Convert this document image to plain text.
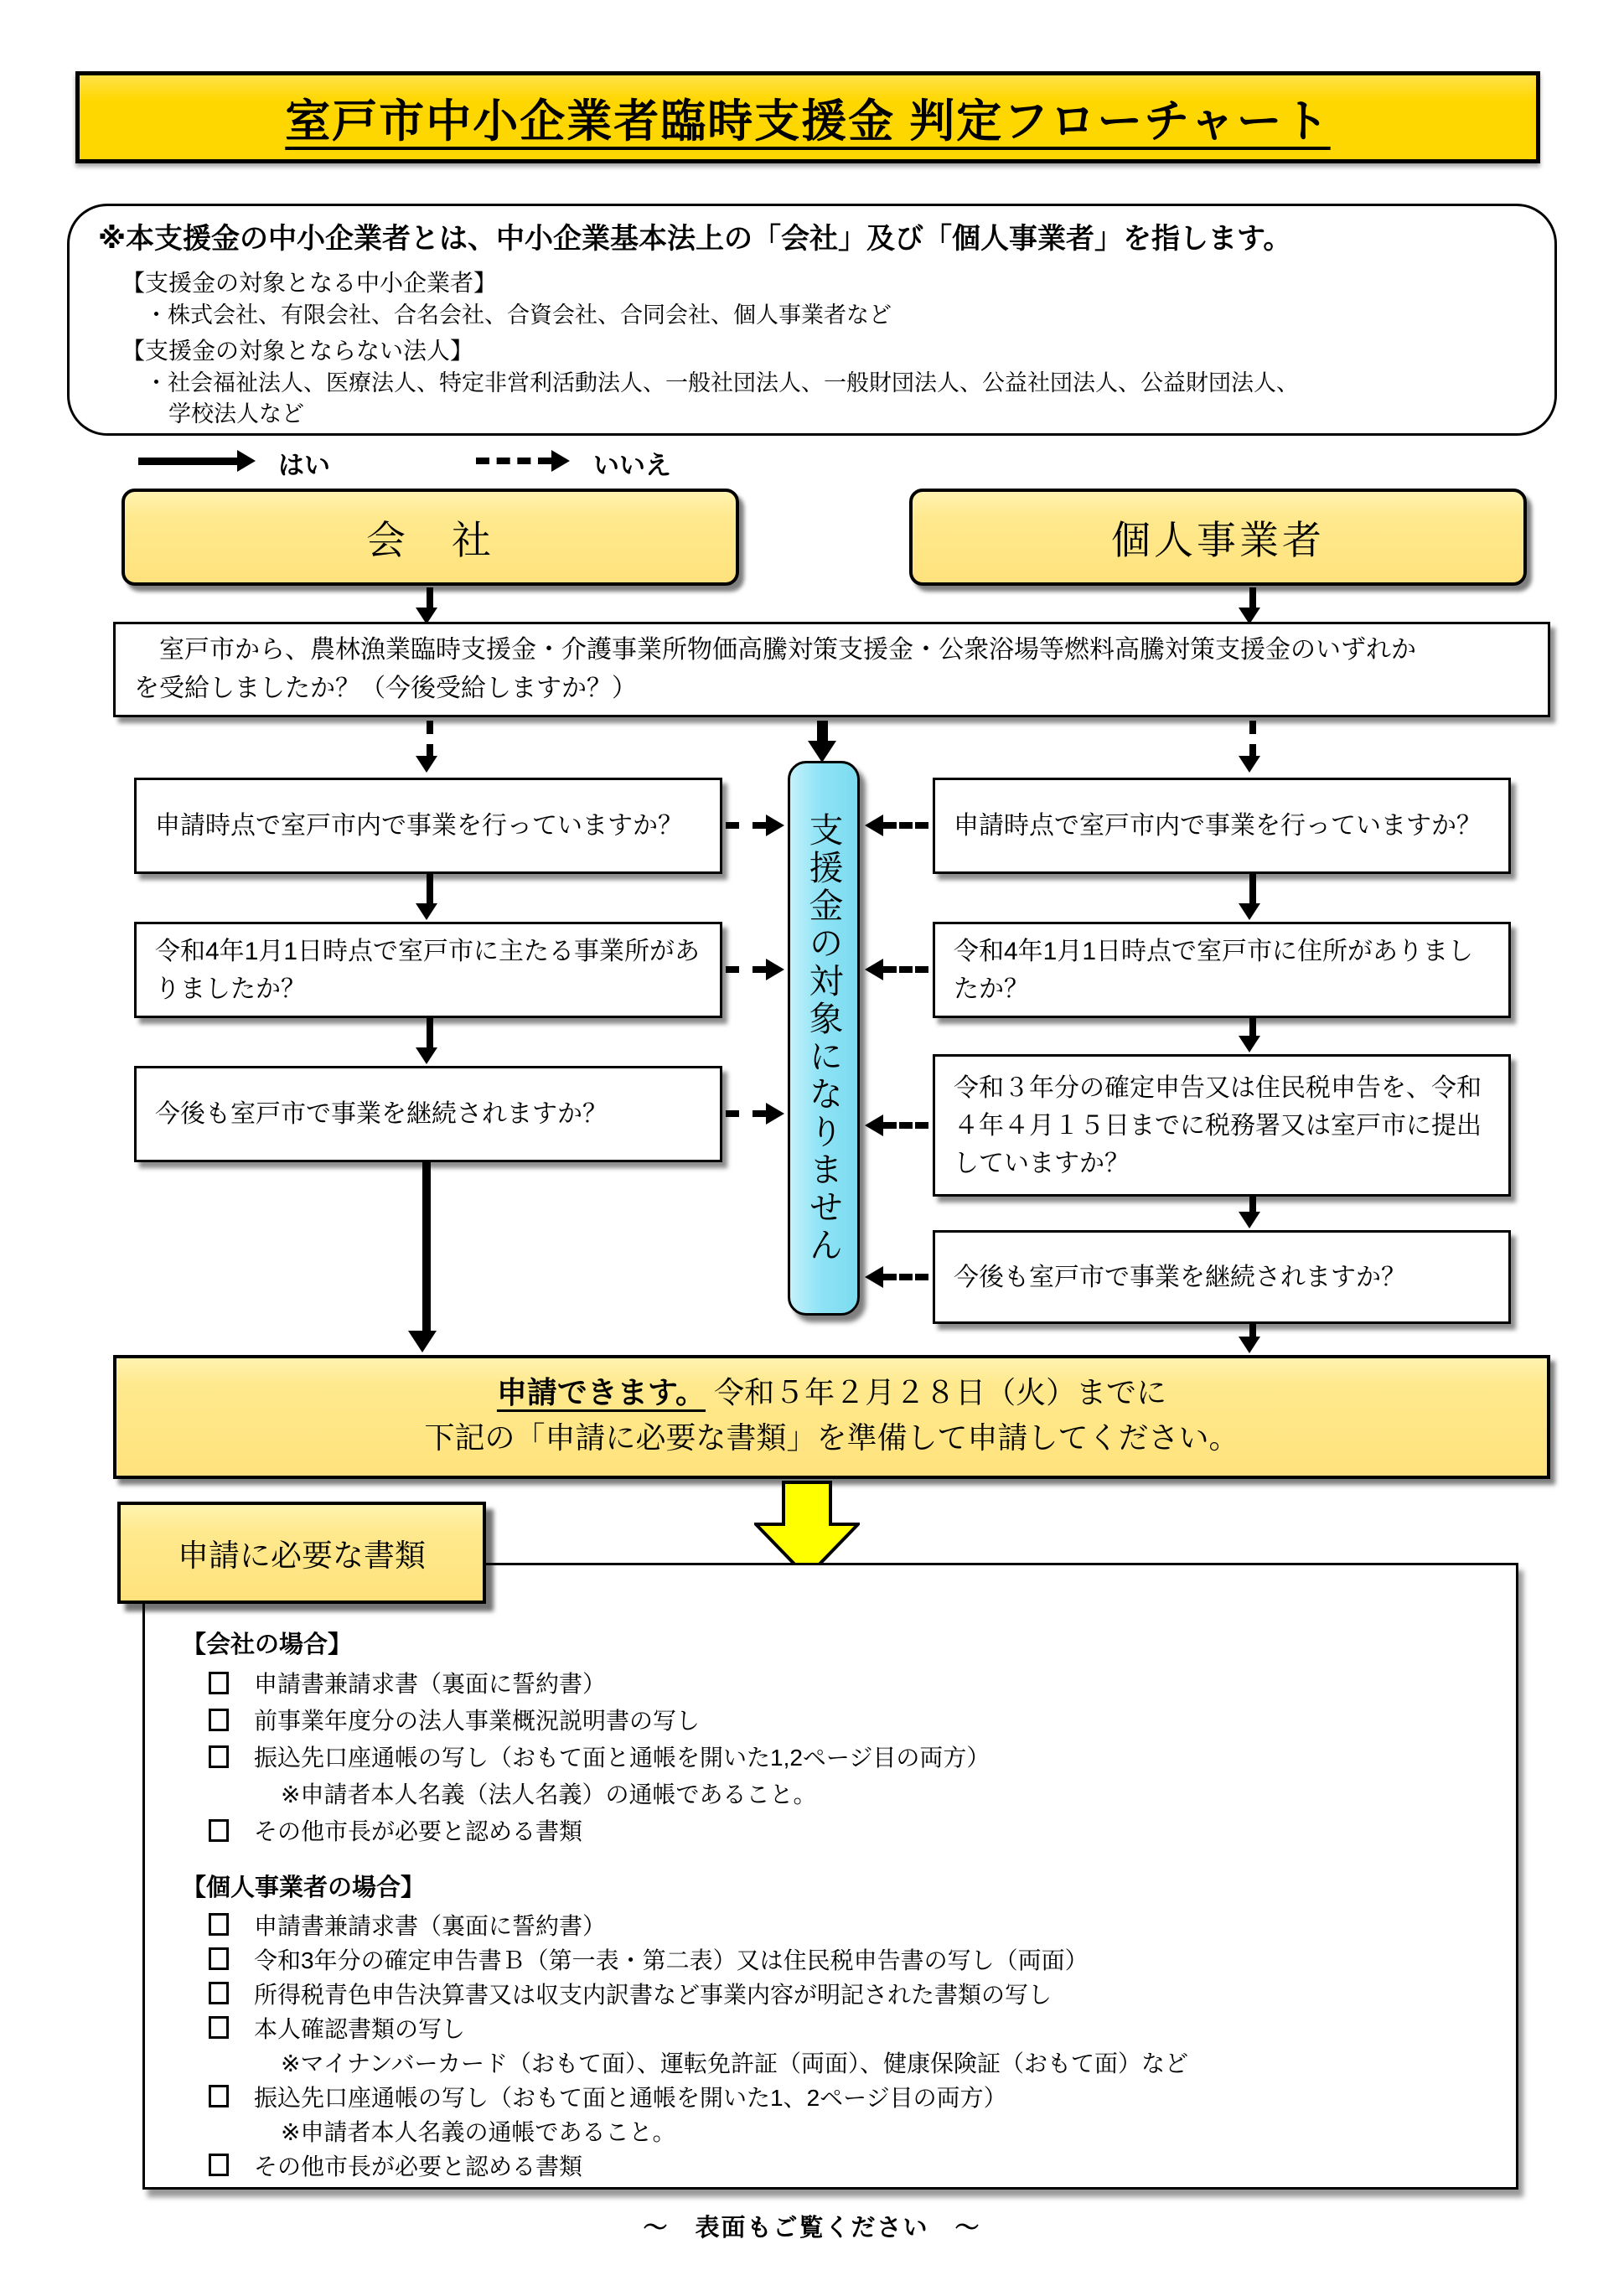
室戸市中小企業者臨時支援金 判定フローチャート
※本支援金の中小企業者とは、中小企業基本法上の「会社」及び「個人事業者」を指します。
【支援金の対象となる中小企業者】
・株式会社、有限会社、合名会社、合資会社、合同会社、個人事業者など
【支援金の対象とならない法人】
・社会福祉法人、医療法人、特定非営利活動法人、一般社団法人、一般財団法人、公益社団法人、公益財団法人、
学校法人など
はい	いいえ
会　社	個人事業者
　室戸市から、農林漁業臨時支援金・介護事業所物価高騰対策支援金・公衆浴場等燃料高騰対策支援金のいずれか
を受給しましたか？（今後受給しますか？）
支援金の対象になりません
申請時点で室戸市内で事業を行っていますか？
令和4年1月1日時点で室戸市に主たる事業所がありましたか？
今後も室戸市で事業を継続されますか？
申請時点で室戸市内で事業を行っていますか？
令和4年1月1日時点で室戸市に住所がありましたか？
令和３年分の確定申告又は住民税申告を、令和４年４月１５日までに税務署又は室戸市に提出していますか？
今後も室戸市で事業を継続されますか？
申請できます。 令和５年２月２８日（火）までに
下記の「申請に必要な書類」を準備して申請してください。
申請に必要な書類
【会社の場合】
申請書兼請求書（裏面に誓約書）
前事業年度分の法人事業概況説明書の写し
振込先口座通帳の写し（おもて面と通帳を開いた1,2ページ目の両方）
※申請者本人名義（法人名義）の通帳であること。
その他市長が必要と認める書類
【個人事業者の場合】
申請書兼請求書（裏面に誓約書）
令和3年分の確定申告書Ｂ（第一表・第二表）又は住民税申告書の写し（両面）
所得税青色申告決算書又は収支内訳書など事業内容が明記された書類の写し
本人確認書類の写し
※マイナンバーカード（おもて面）、運転免許証（両面）、健康保険証（おもて面）など
振込先口座通帳の写し（おもて面と通帳を開いた1、2ページ目の両方）
※申請者本人名義の通帳であること。
その他市長が必要と認める書類
～　表面もご覧ください　～
